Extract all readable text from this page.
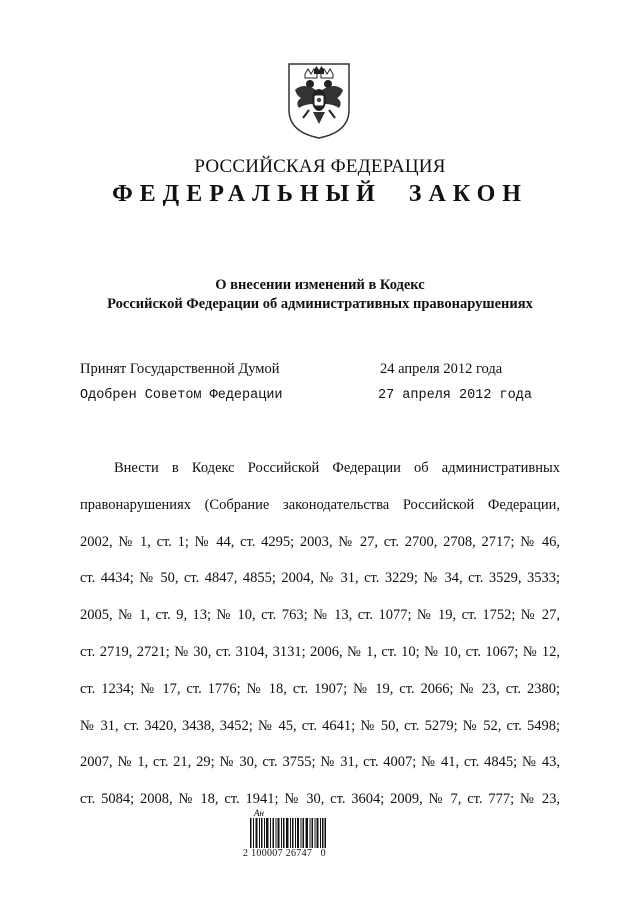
РОССИЙСКАЯ ФЕДЕРАЦИЯ
ФЕДЕРАЛЬНЫЙ ЗАКОН
О внесении изменений в Кодекс
Российской Федерации об административных правонарушениях
Принят Государственной Думой	24 апреля 2012 года
Одобрен Советом Федерации	27 апреля 2012 года
Внести в Кодекс Российской Федерации об административных
правонарушениях (Собрание законодательства Российской Федерации,
2002, № 1, ст. 1; № 44, ст. 4295; 2003, № 27, ст. 2700, 2708, 2717; № 46,
ст. 4434; № 50, ст. 4847, 4855; 2004, № 31, ст. 3229; № 34, ст. 3529, 3533;
2005, № 1, ст. 9, 13; № 10, ст. 763; № 13, ст. 1077; № 19, ст. 1752; № 27,
ст. 2719, 2721; № 30, ст. 3104, 3131; 2006, № 1, ст. 10; № 10, ст. 1067; № 12,
ст. 1234; № 17, ст. 1776; № 18, ст. 1907; № 19, ст. 2066; № 23, ст. 2380;
№ 31, ст. 3420, 3438, 3452; № 45, ст. 4641; № 50, ст. 5279; № 52, ст. 5498;
2007, № 1, ст. 21, 29; № 30, ст. 3755; № 31, ст. 4007; № 41, ст. 4845; № 43,
ст. 5084; 2008, № 18, ст. 1941; № 30, ст. 3604; 2009, № 7, ст. 777; № 23,
Ан
2 100007 26747   0
